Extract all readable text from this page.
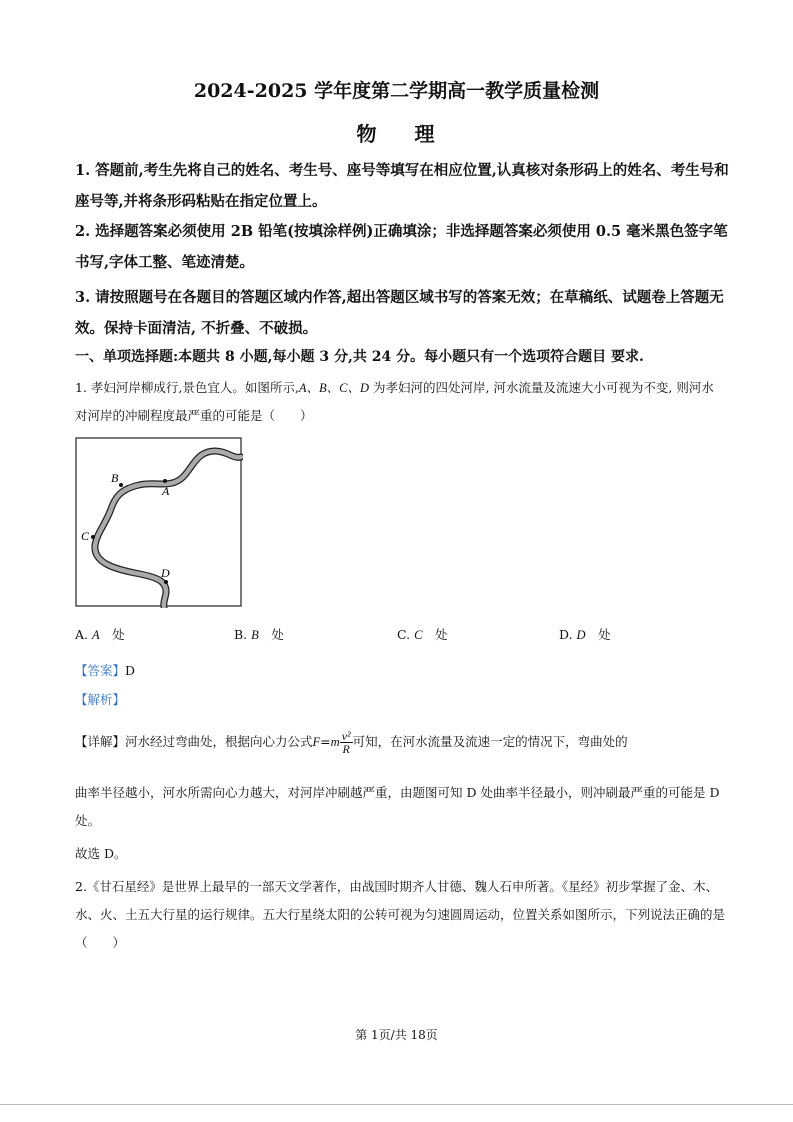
2024-2025 学年度第二学期高一教学质量检测
物 理
1. 答题前,考生先将自己的姓名、考生号、座号等填写在相应位置,认真核对条形码上的姓名、考生号和座号等,并将条形码粘贴在指定位置上。
2. 选择题答案必须使用 2B 铅笔(按填涂样例)正确填涂；非选择题答案必须使用 0.5 毫米黑色签字笔书写,字体工整、笔迹清楚。
3. 请按照题号在各题目的答题区域内作答,超出答题区域书写的答案无效；在草稿纸、试题卷上答题无效。保持卡面清洁, 不折叠、不破损。
一、单项选择题:本题共 8 小题,每小题 3 分,共 24 分。每小题只有一个选项符合题目 要求.
1. 孝妇河岸柳成行,景色宜人。如图所示,A、B、C、D 为孝妇河的四处河岸, 河水流量及流速大小可视为不变, 则河水对河岸的冲刷程度最严重的可能是（　　）
B
A
C
D
A. A　 处	B. B　 处	C. C　 处	D. D　 处
【答案】D
【解析】
【详解】河水经过弯曲处，根据向心力公式$F=m \frac{\text{v²}}{R}$ 可知，在河水流量及流速一定的情况下，弯曲处的
曲率半径越小，河水所需向心力越大，对河岸冲刷越严重，由题图可知 D 处曲率半径最小，则冲刷最严重的可能是 D 处。
故选 D。
2.《甘石星经》是世界上最早的一部天文学著作，由战国时期齐人甘德、魏人石申所著。《星经》初步掌握了金、木、水、火、土五大行星的运行规律。五大行星绕太阳的公转可视为匀速圆周运动，位置关系如图所示，下列说法正确的是（　　）
第 1页/共 18页
